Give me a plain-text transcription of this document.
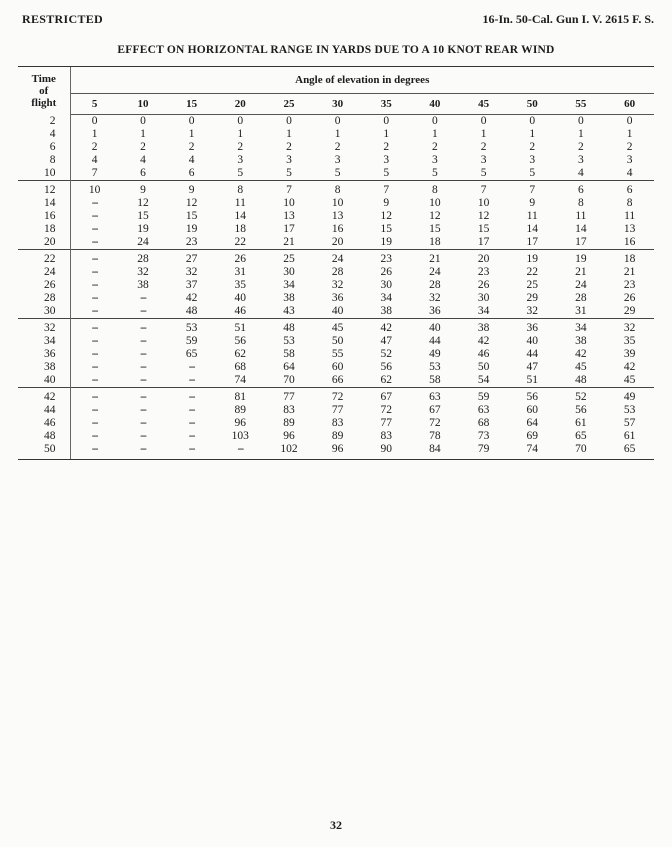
RESTRICTED	16-In. 50-Cal. Gun I. V. 2615 F. S.
EFFECT ON HORIZONTAL RANGE IN YARDS DUE TO A 10 KNOT REAR WIND

Time
of
flight	Angle of elevation in degrees											
	5	10	15	20	25	30	35	40	45	50	55	60
2	0	0	0	0	0	0	0	0	0	0	0	0
4	1	1	1	1	1	1	1	1	1	1	1	1
6	2	2	2	2	2	2	2	2	2	2	2	2
8	4	4	4	3	3	3	3	3	3	3	3	3
10	7	6	6	5	5	5	5	5	5	5	4	4
12	10	9	9	8	7	8	7	8	7	7	6	6
14	--	12	12	11	10	10	9	10	10	9	8	8
16	--	15	15	14	13	13	12	12	12	11	11	11
18	--	19	19	18	17	16	15	15	15	14	14	13
20	--	24	23	22	21	20	19	18	17	17	17	16
22	--	28	27	26	25	24	23	21	20	19	19	18
24	--	32	32	31	30	28	26	24	23	22	21	21
26	--	38	37	35	34	32	30	28	26	25	24	23
28	--	--	42	40	38	36	34	32	30	29	28	26
30	--	--	48	46	43	40	38	36	34	32	31	29
32	--	--	53	51	48	45	42	40	38	36	34	32
34	--	--	59	56	53	50	47	44	42	40	38	35
36	--	--	65	62	58	55	52	49	46	44	42	39
38	--	--	--	68	64	60	56	53	50	47	45	42
40	--	--	--	74	70	66	62	58	54	51	48	45
42	--	--	--	81	77	72	67	63	59	56	52	49
44	--	--	--	89	83	77	72	67	63	60	56	53
46	--	--	--	96	89	83	77	72	68	64	61	57
48	--	--	--	103	96	89	83	78	73	69	65	61
50	--	--	--	--	102	96	90	84	79	74	70	65
32
